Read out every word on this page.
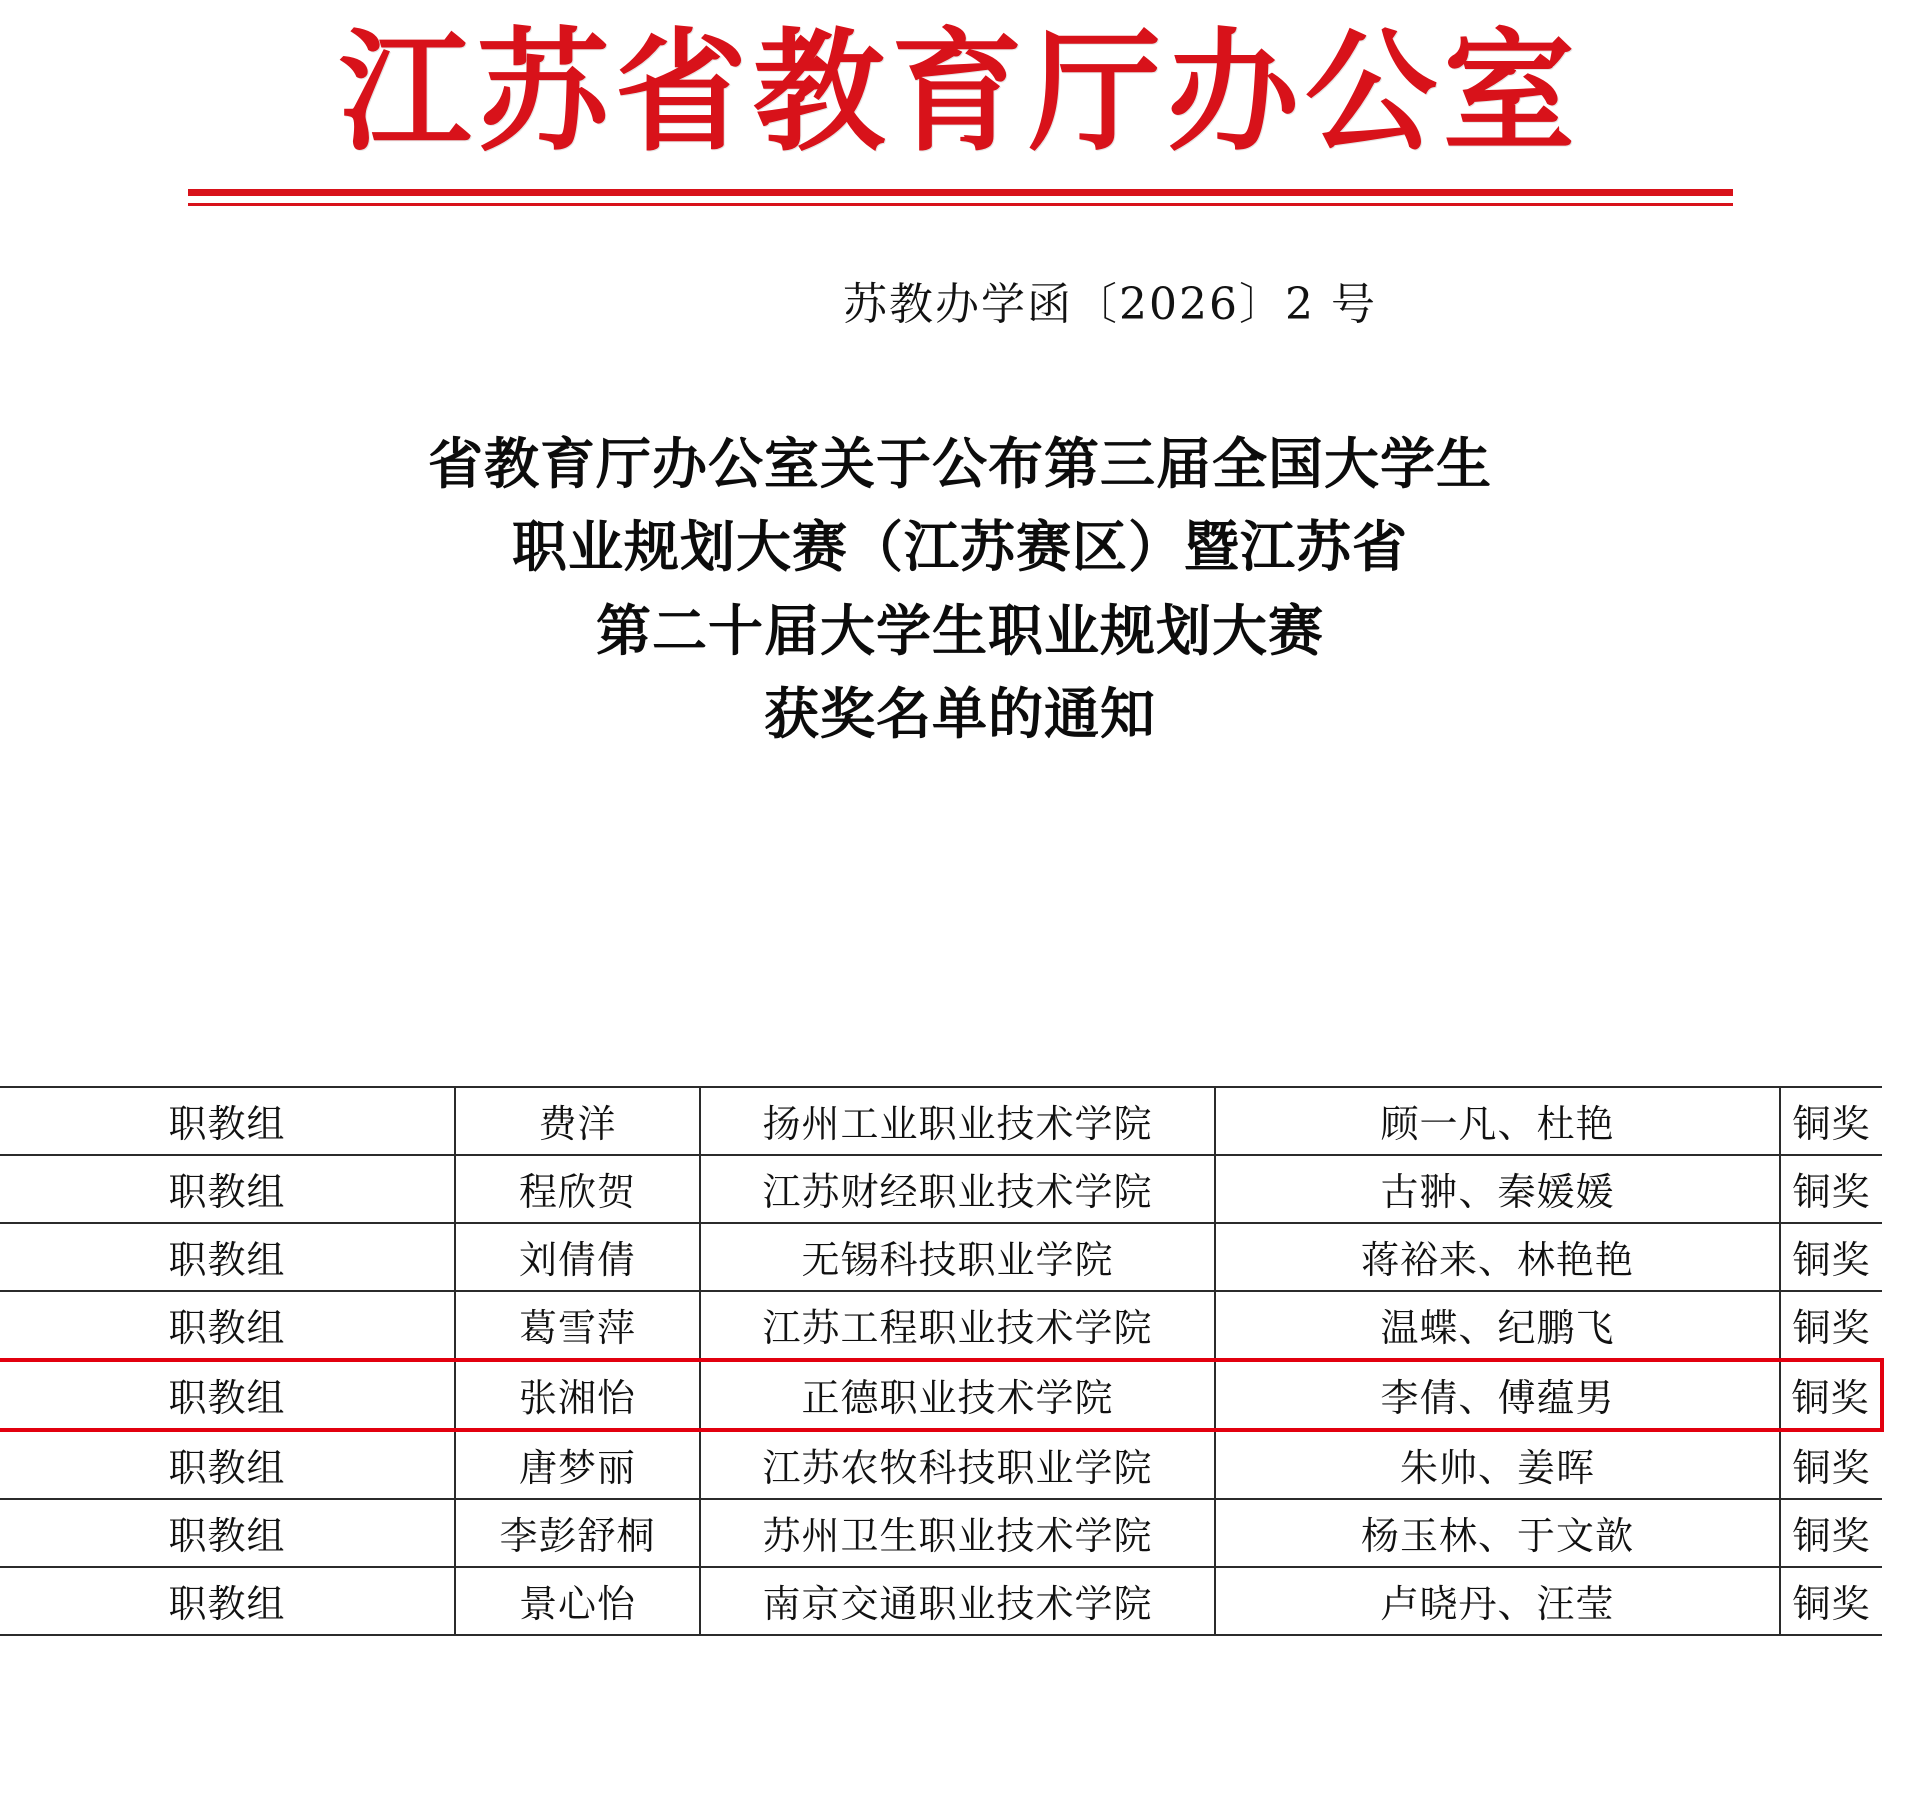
江苏省教育厅办公室
苏教办学函〔2026〕2 号
省教育厅办公室关于公布第三届全国大学生
职业规划大赛（江苏赛区）暨江苏省
第二十届大学生职业规划大赛
获奖名单的通知
职教组	费洋	扬州工业职业技术学院	顾一凡、杜艳	铜奖
职教组	程欣贺	江苏财经职业技术学院	古翀、秦媛媛	铜奖
职教组	刘倩倩	无锡科技职业学院	蒋裕来、林艳艳	铜奖
职教组	葛雪萍	江苏工程职业技术学院	温蝶、纪鹏飞	铜奖
职教组	张湘怡	正德职业技术学院	李倩、傅蕴男	铜奖
职教组	唐梦丽	江苏农牧科技职业学院	朱帅、姜晖	铜奖
职教组	李彭舒桐	苏州卫生职业技术学院	杨玉林、于文歆	铜奖
职教组	景心怡	南京交通职业技术学院	卢晓丹、汪莹	铜奖
